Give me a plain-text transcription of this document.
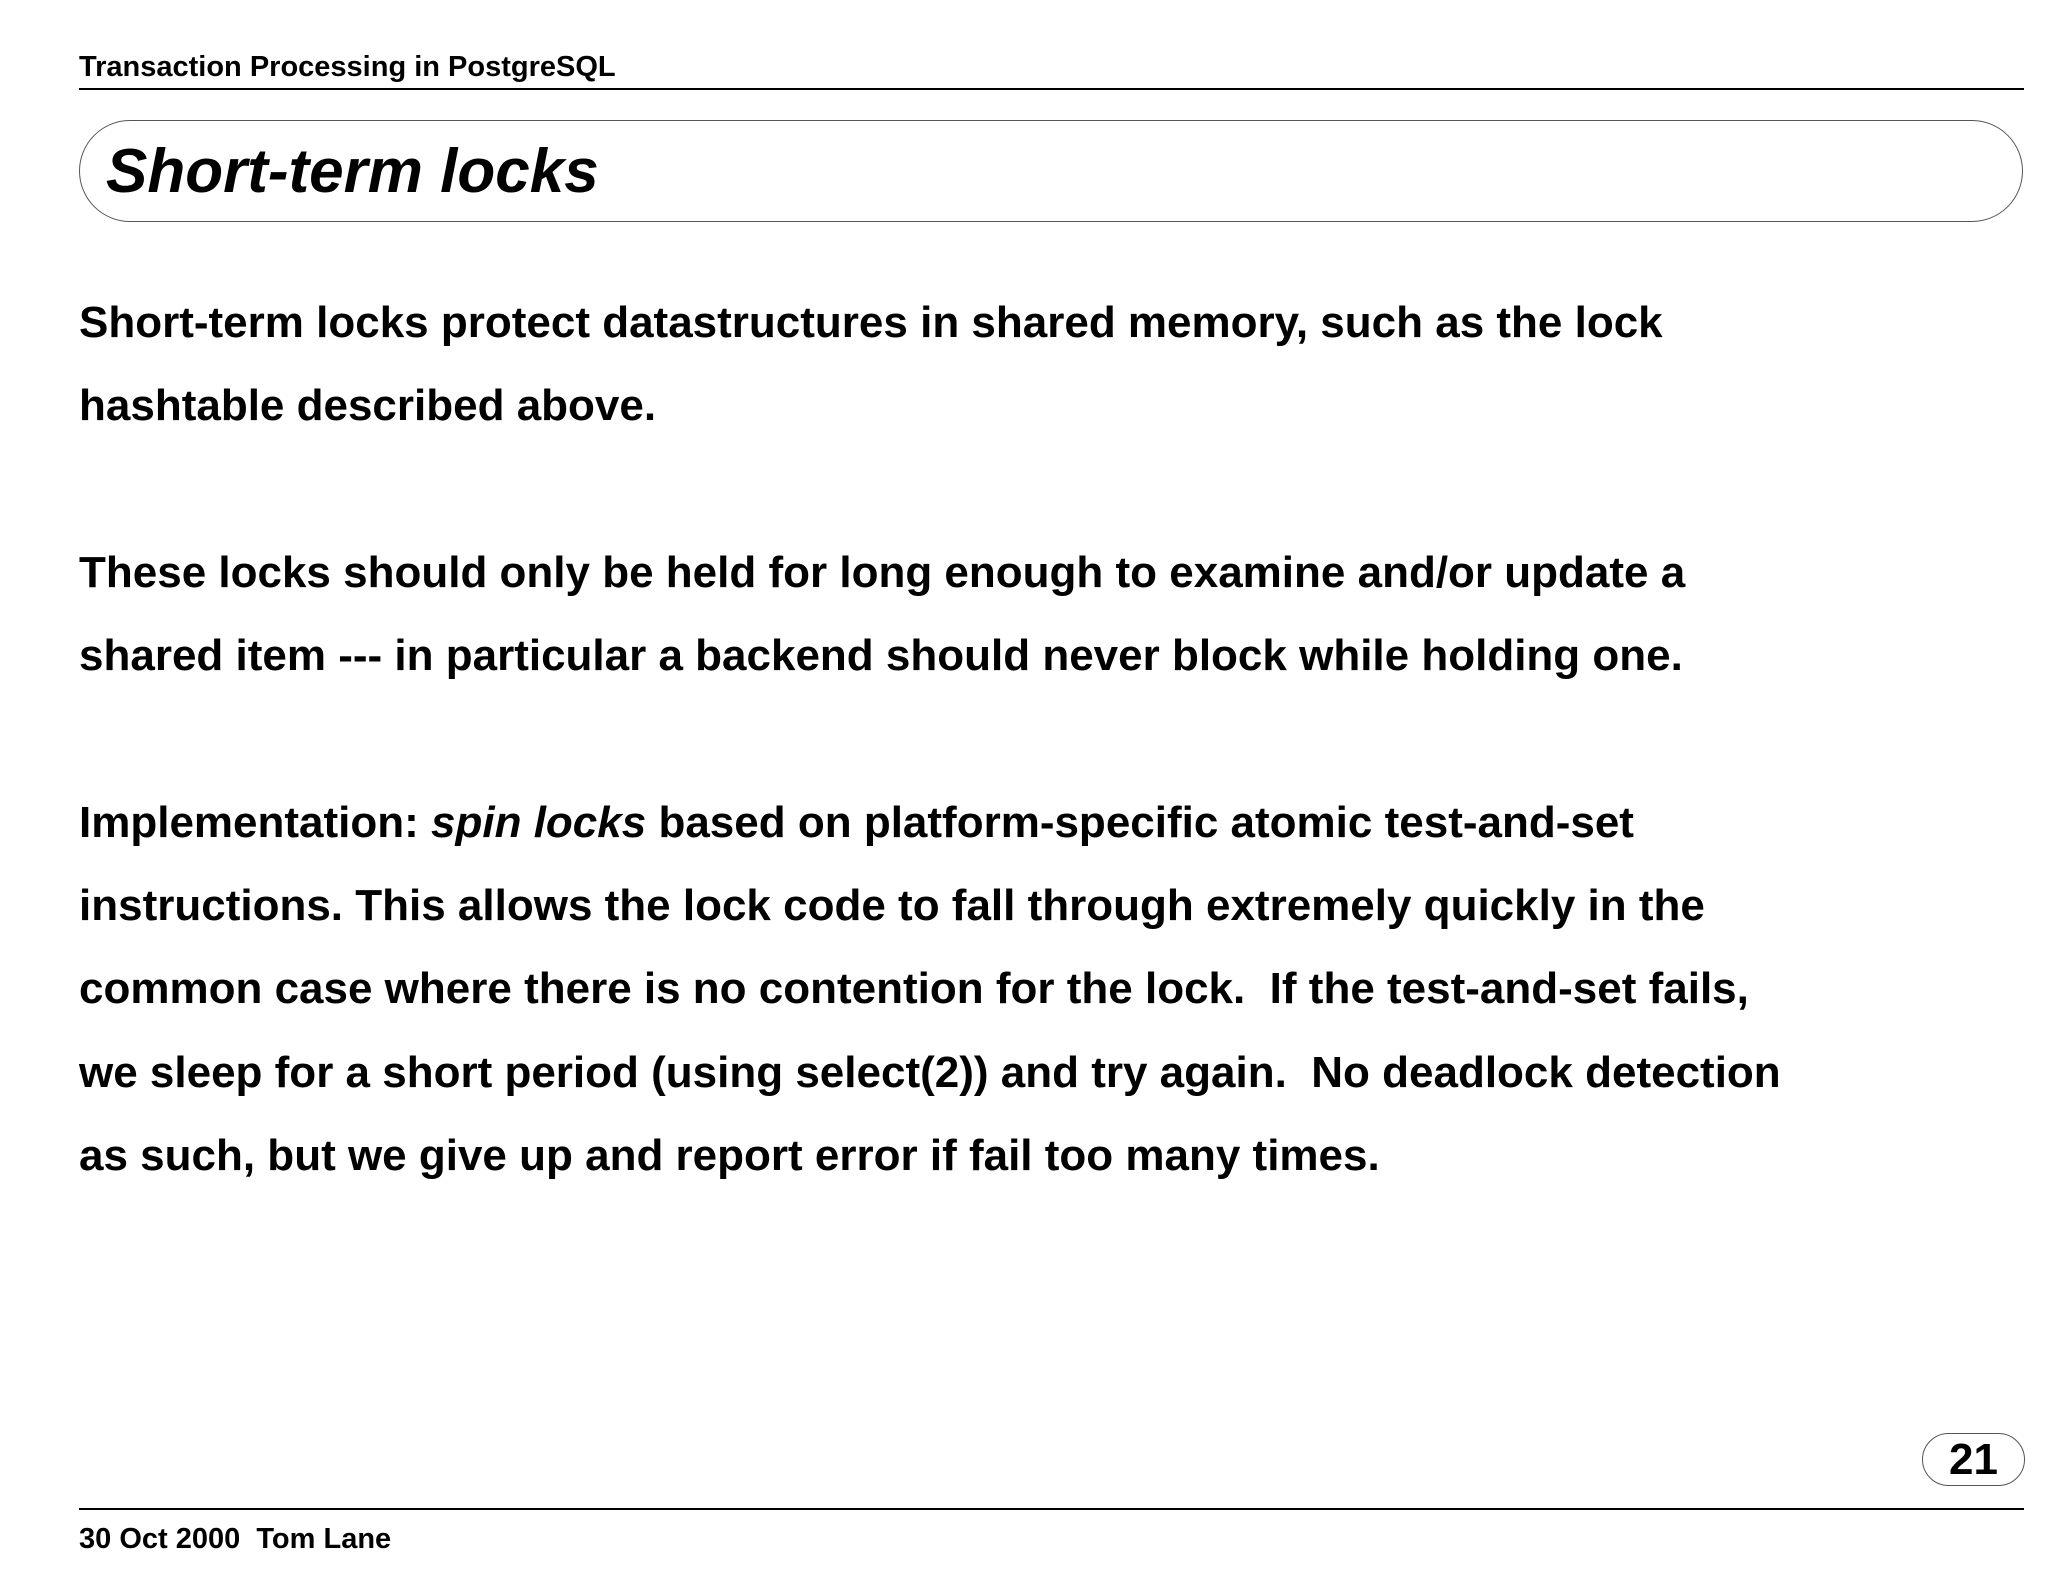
Transaction Processing in PostgreSQL
Short-term locks
Short-term locks protect datastructures in shared memory, such as the lock
hashtable described above.
These locks should only be held for long enough to examine and/or update a
shared item --- in particular a backend should never block while holding one.
Implementation: spin locks based on platform-specific atomic test-and-set
instructions. This allows the lock code to fall through extremely quickly in the
common case where there is no contention for the lock.  If the test-and-set fails,
we sleep for a short period (using select(2)) and try again.  No deadlock detection
as such, but we give up and report error if fail too many times.
21
30 Oct 2000 Tom Lane
